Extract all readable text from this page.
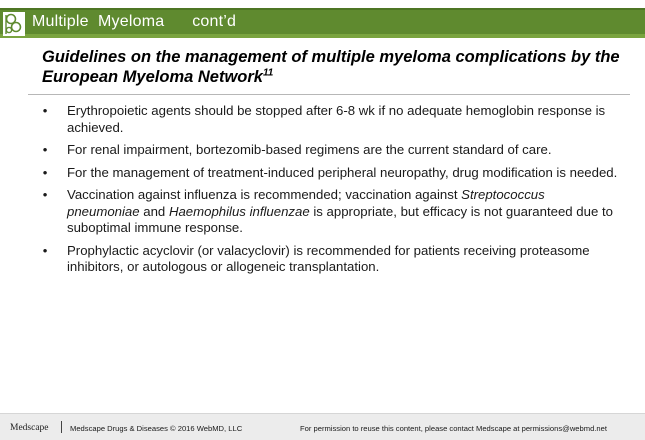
Multiple  Myeloma      cont’d
Guidelines on the management of multiple myeloma complications by the European Myeloma Network$^{11}$
• Erythropoietic agents should be stopped after 6-8 wk if no adequate hemoglobin response is achieved.
• For renal impairment, bortezomib-based regimens are the current standard of care.
• For the management of treatment-induced peripheral neuropathy, drug modification is needed.
• Vaccination against influenza is recommended; vaccination against Streptococcus pneumoniae and Haemophilus influenzae is appropriate, but efficacy is not guaranteed due to suboptimal immune response.
• Prophylactic acyclovir (or valacyclovir) is recommended for patients receiving proteasome inhibitors, or autologous or allogeneic transplantation.
Medscape	Medscape Drugs & Diseases © 2016 WebMD, LLC	For permission to reuse this content, please contact Medscape at permissions@webmd.net
